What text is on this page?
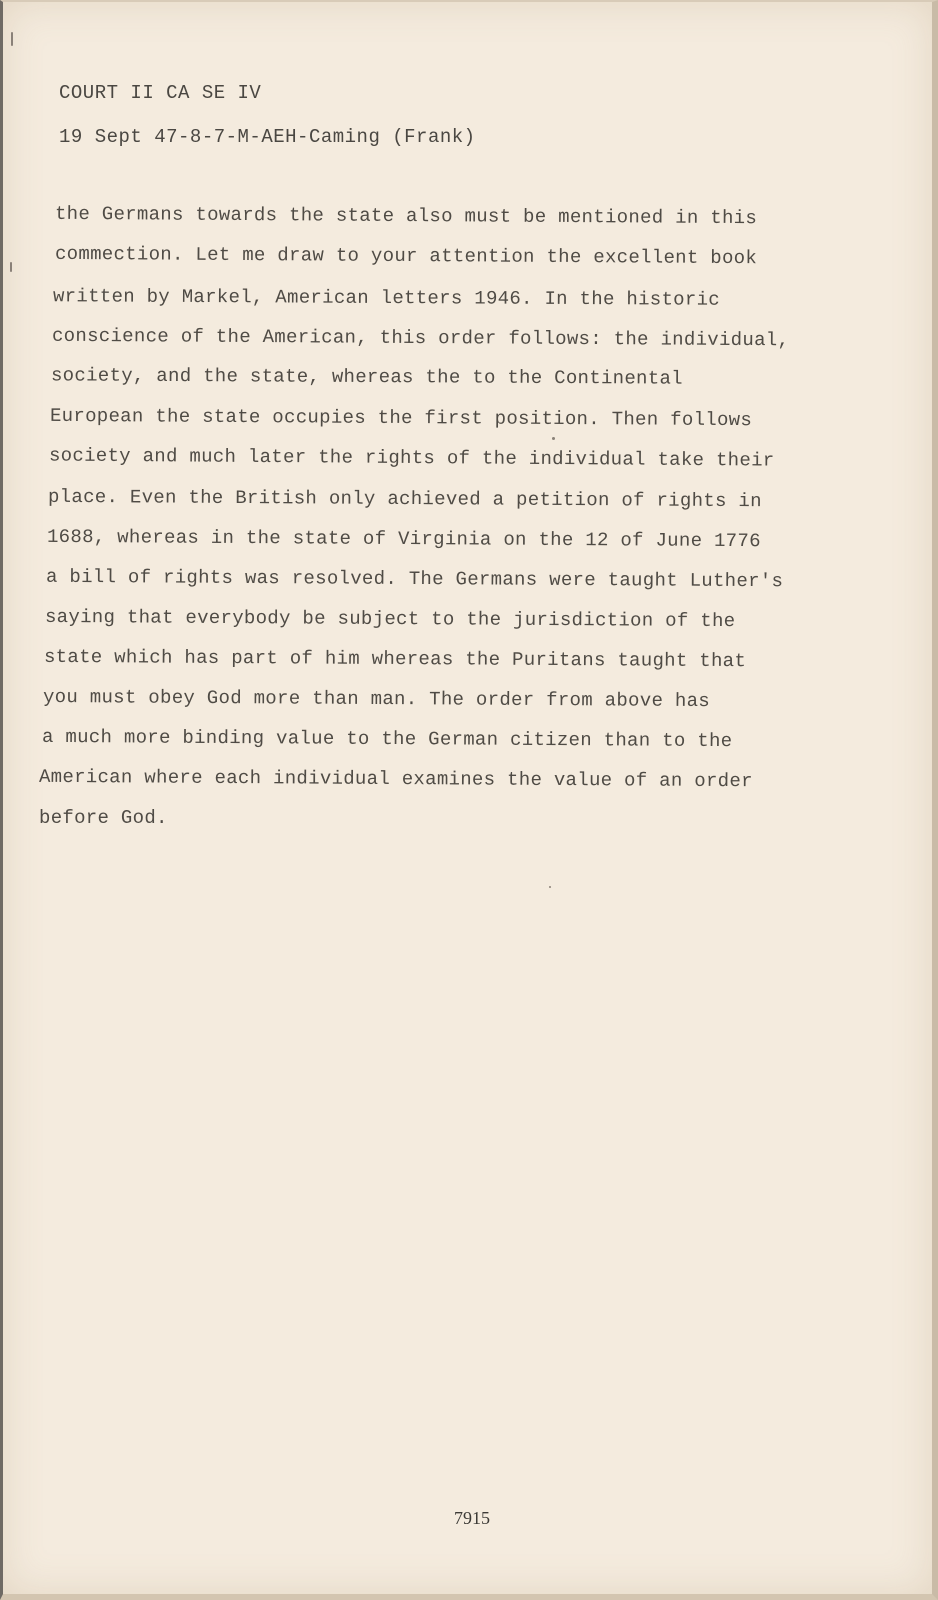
COURT II CA SE IV
19 Sept 47-8-7-M-AEH-Caming (Frank)
the Germans towards the state also must be mentioned in this
commection. Let me draw to your attention the excellent book
written by Markel, American letters 1946. In the historic
conscience of the American, this order follows: the individual,
society, and the state, whereas the to the Continental
European the state occupies the first position. Then follows
society and much later the rights of the individual take their
place. Even the British only achieved a petition of rights in
1688, whereas in the state of Virginia on the 12 of June 1776
a bill of rights was resolved. The Germans were taught Luther's
saying that everybody be subject to the jurisdiction of the
state which has part of him whereas the Puritans taught that
you must obey God more than man. The order from above has
a much more binding value to the German citizen than to the
American where each individual examines the value of an order
before God.
7915
